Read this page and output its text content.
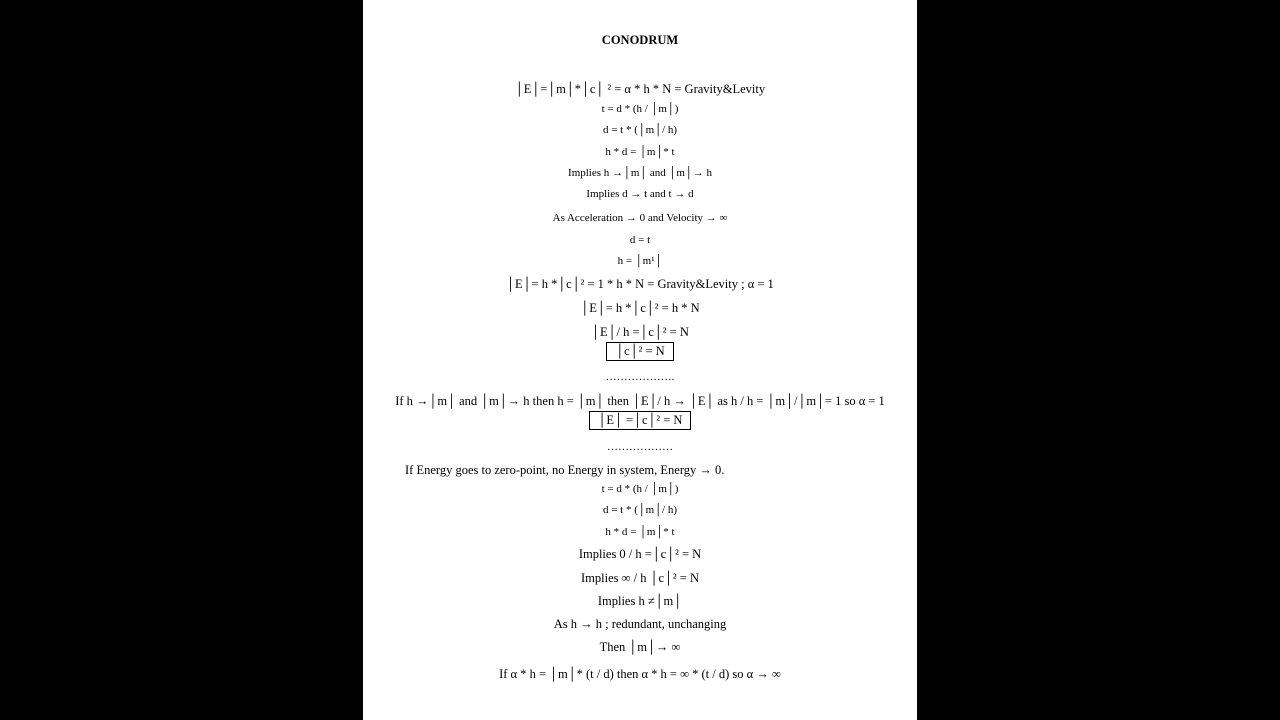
CONODRUM
│E│=│m│*│c│ ² = α * h * N = Gravity&Levity
t = d * (h / │m│)
d = t * (│m│/ h)
h * d = │m│* t
Implies h →│m│ and │m│→ h
Implies d → t and t → d
As Acceleration → 0 and Velocity → ∞
d = t
h = │m¹│
│E│= h *│c│² = 1 * h * N = Gravity&Levity ; α = 1
│E│= h *│c│² = h * N
│E│/ h =│c│² = N
│c│² = N
……………….
If h →│m│ and │m│→ h then h = │m│ then │E│/ h → │E│ as h / h = │m│/│m│= 1 so α = 1
│E│ =│c│² = N
………………
If Energy goes to zero-point, no Energy in system, Energy → 0.
t = d * (h / │m│)
d = t * (│m│/ h)
h * d = │m│* t
Implies 0 / h =│c│² = N
Implies ∞ / h │c│² = N
Implies h ≠│m│
As h → h ; redundant, unchanging
Then │m│→ ∞
If α * h = │m│* (t / d) then α * h = ∞ * (t / d) so α → ∞
